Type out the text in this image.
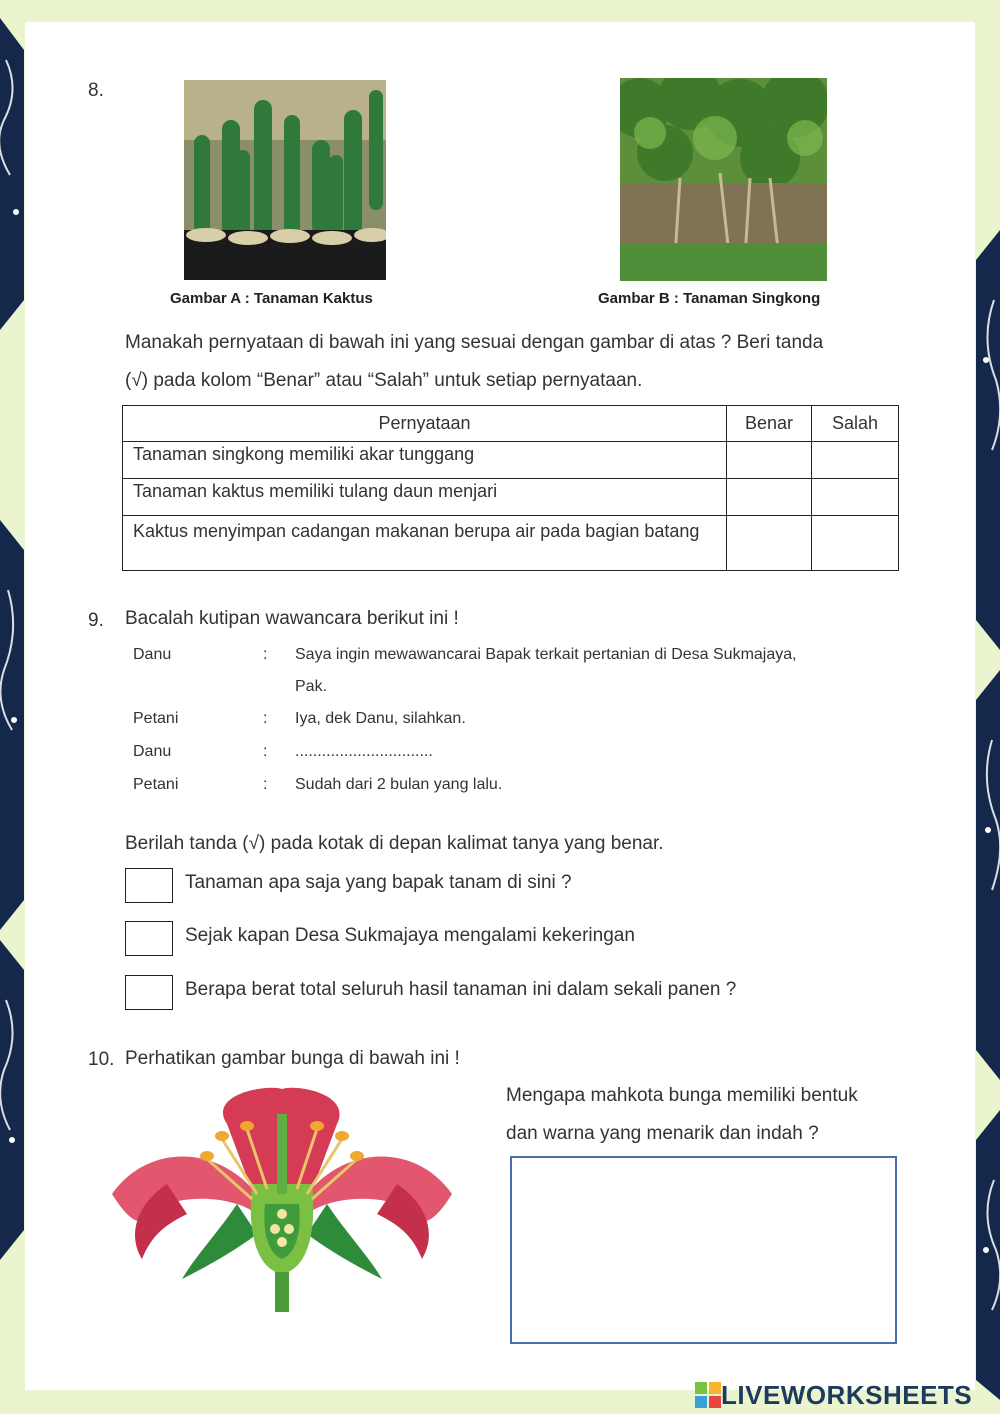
8.
Gambar A : Tanaman Kaktus	Gambar B : Tanaman Singkong
Manakah pernyataan di bawah ini yang sesuai dengan gambar di atas ? Beri tanda
(√) pada kolom “Benar” atau “Salah” untuk setiap pernyataan.
Pernyataan	Benar	Salah
Tanaman singkong memiliki akar tunggang		
Tanaman kaktus memiliki tulang daun menjari		
Kaktus menyimpan cadangan makanan berupa air pada bagian batang		
9. Bacalah kutipan wawancara berikut ini !
Danu	: Saya ingin mewawancarai Bapak terkait pertanian di Desa Sukmajaya,
Pak.
Petani	: Iya, dek Danu, silahkan.
Danu	: ...............................
Petani	: Sudah dari 2 bulan yang lalu.
Berilah tanda (√) pada kotak di depan kalimat tanya yang benar.
Tanaman apa saja yang bapak tanam di sini ?
Sejak kapan Desa Sukmajaya mengalami kekeringan
Berapa berat total seluruh hasil tanaman ini dalam sekali panen ?
10. Perhatikan gambar bunga di bawah ini !
Mengapa mahkota bunga memiliki bentuk
dan warna yang menarik dan indah ?
LIVEWORKSHEETS
